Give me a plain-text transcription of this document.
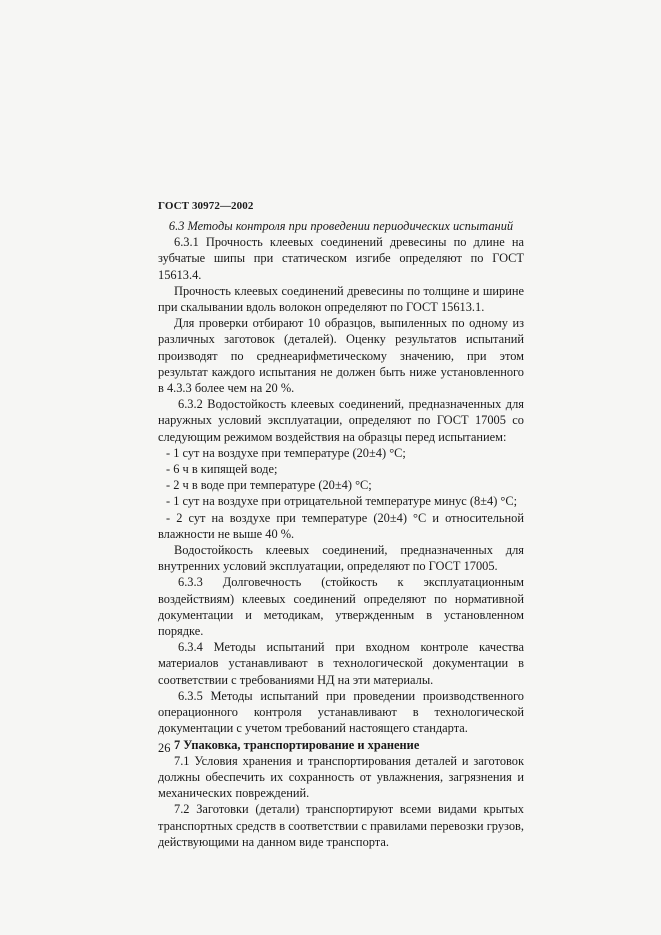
ГОСТ 30972—2002

6.3 Методы контроля при проведении периодических испытаний

6.3.1 Прочность клеевых соединений древесины по длине на зубчатые шипы при статическом изгибе определяют по ГОСТ 15613.4.

Прочность клеевых соединений древесины по толщине и ширине при скалывании вдоль волокон определяют по ГОСТ 15613.1.

Для проверки отбирают 10 образцов, выпиленных по одному из различных заготовок (деталей). Оценку результатов испытаний производят по среднеарифметическому значению, при этом результат каждого испытания не должен быть ниже установленного в 4.3.3 более чем на 20 %.

6.3.2 Водостойкость клеевых соединений, предназначенных для наружных условий эксплуатации, определяют по ГОСТ 17005 со следующим режимом воздействия на образцы перед испытанием:

- 1 сут на воздухе при температуре (20±4) °С;

- 6 ч в кипящей воде;

- 2 ч в воде при температуре (20±4) °С;

- 1 сут на воздухе при отрицательной температуре минус (8±4) °С;

- 2 сут на воздухе при температуре (20±4) °С и относительной влажности не выше 40 %.

Водостойкость клеевых соединений, предназначенных для внутренних условий эксплуатации, определяют по ГОСТ 17005.

6.3.3 Долговечность (стойкость к эксплуатационным воздействиям) клеевых соединений определяют по нормативной документации и методикам, утвержденным в установленном порядке.

6.3.4 Методы испытаний при входном контроле качества материалов устанавливают в технологической документации в соответствии с требованиями НД на эти материалы.

6.3.5 Методы испытаний при проведении производственного операционного контроля устанавливают в технологической документации с учетом требований настоящего стандарта.

7 Упаковка, транспортирование и хранение

7.1 Условия хранения и транспортирования деталей и заготовок должны обеспечить их сохранность от увлажнения, загрязнения и механических повреждений.

7.2 Заготовки (детали) транспортируют всеми видами крытых транспортных средств в соответствии с правилами перевозки грузов, действующими на данном виде транспорта.

26
